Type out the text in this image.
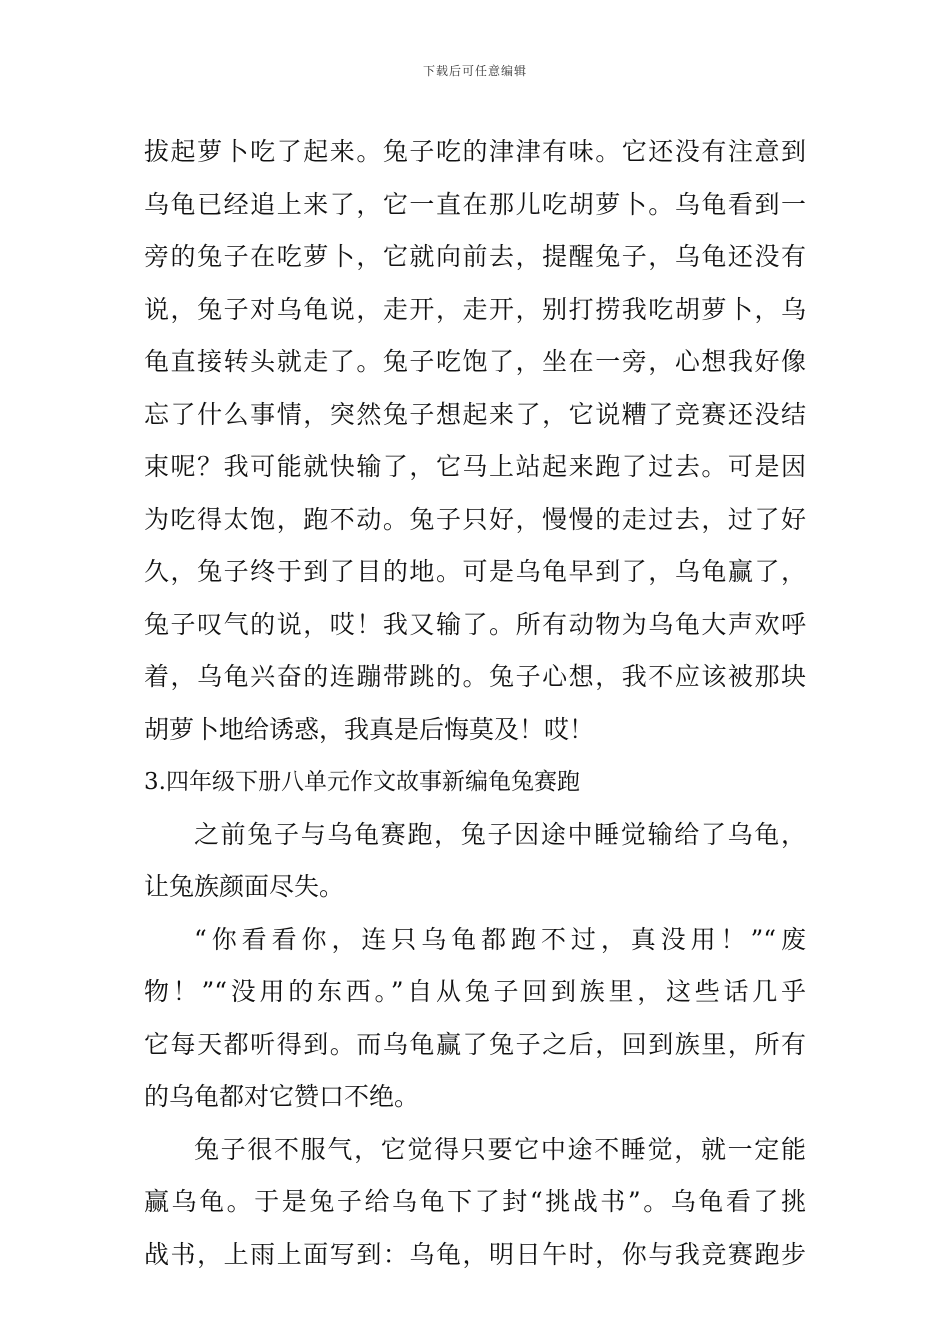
下载后可任意编辑
拔起萝卜吃了起来。兔子吃的津津有味。它还没有注意到
乌龟已经追上来了，它一直在那儿吃胡萝卜。乌龟看到一
旁的兔子在吃萝卜，它就向前去，提醒兔子，乌龟还没有
说，兔子对乌龟说，走开，走开，别打捞我吃胡萝卜，乌
龟直接转头就走了。兔子吃饱了，坐在一旁，心想我好像
忘了什么事情，突然兔子想起来了，它说糟了竞赛还没结
束呢？我可能就快输了，它马上站起来跑了过去。可是因
为吃得太饱，跑不动。兔子只好，慢慢的走过去，过了好
久，兔子终于到了目的地。可是乌龟早到了，乌龟赢了，
兔子叹气的说，哎！我又输了。所有动物为乌龟大声欢呼
着，乌龟兴奋的连蹦带跳的。兔子心想，我不应该被那块
胡萝卜地给诱惑，我真是后悔莫及！哎！
3.四年级下册八单元作文故事新编龟兔赛跑
之前兔子与乌龟赛跑，兔子因途中睡觉输给了乌龟，
让兔族颜面尽失。
“你看看你，连只乌龟都跑不过，真没用！”“废
物！”“没用的东西。”自从兔子回到族里，这些话几乎
它每天都听得到。而乌龟赢了兔子之后，回到族里，所有
的乌龟都对它赞口不绝。
兔子很不服气，它觉得只要它中途不睡觉，就一定能
赢乌龟。于是兔子给乌龟下了封“挑战书”。乌龟看了挑
战书，上雨上面写到：乌龟，明日午时，你与我竞赛跑步
